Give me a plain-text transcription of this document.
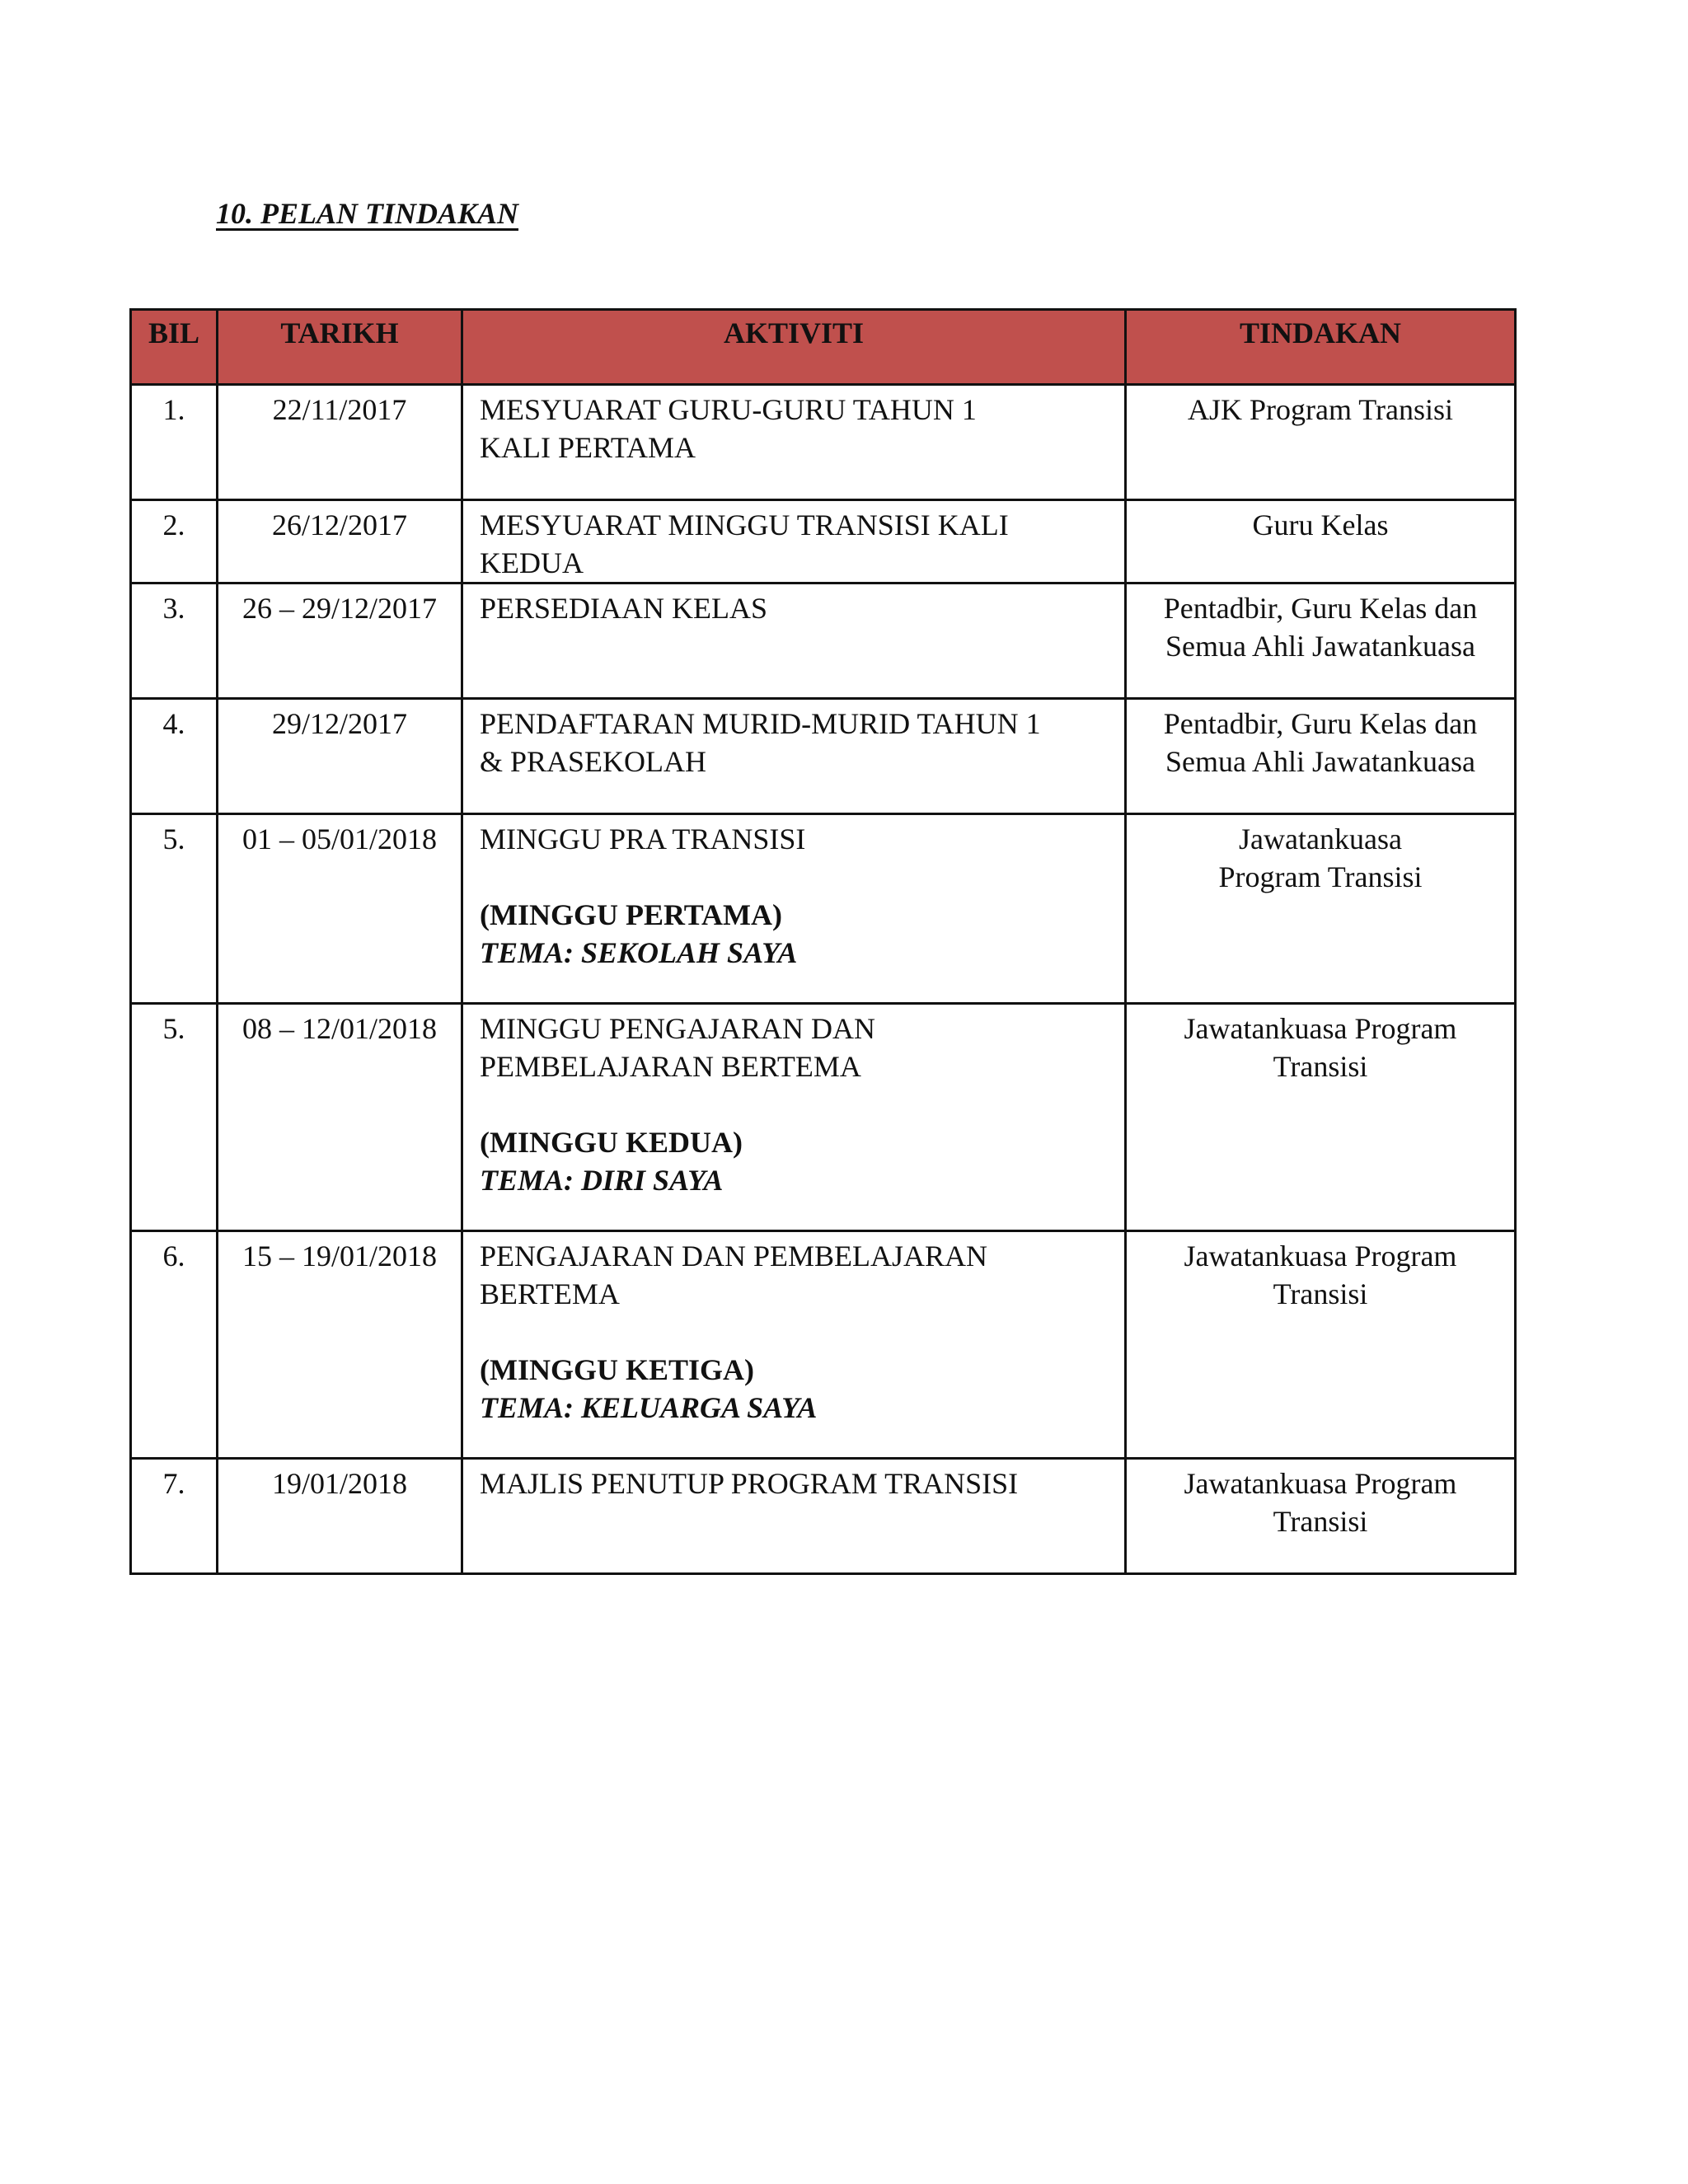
10. PELAN TINDAKAN
BIL	TARIKH	AKTIVITI	TINDAKAN
1.	22/11/2017	MESYUARAT GURU-GURU TAHUN 1
KALI PERTAMA	AJK Program Transisi

2.	26/12/2017	MESYUARAT MINGGU TRANSISI KALI
KEDUA	Guru Kelas

3.	26 – 29/12/2017	PERSEDIAAN KELAS	Pentadbir, Guru Kelas dan
Semua Ahli Jawatankuasa

4.	29/12/2017	PENDAFTARAN MURID-MURID TAHUN 1
& PRASEKOLAH	Pentadbir, Guru Kelas dan
Semua Ahli Jawatankuasa

5.	01 – 05/01/2018	MINGGU PRA TRANSISI
(MINGGU PERTAMA)
TEMA: SEKOLAH SAYA	Jawatankuasa
Program Transisi

5.	08 – 12/01/2018	MINGGU PENGAJARAN DAN
PEMBELAJARAN BERTEMA
(MINGGU KEDUA)
TEMA: DIRI SAYA	Jawatankuasa Program
Transisi

6.	15 – 19/01/2018	PENGAJARAN DAN PEMBELAJARAN
BERTEMA
(MINGGU KETIGA)
TEMA: KELUARGA SAYA	Jawatankuasa Program
Transisi

7.	19/01/2018	MAJLIS PENUTUP PROGRAM TRANSISI	Jawatankuasa Program
Transisi
